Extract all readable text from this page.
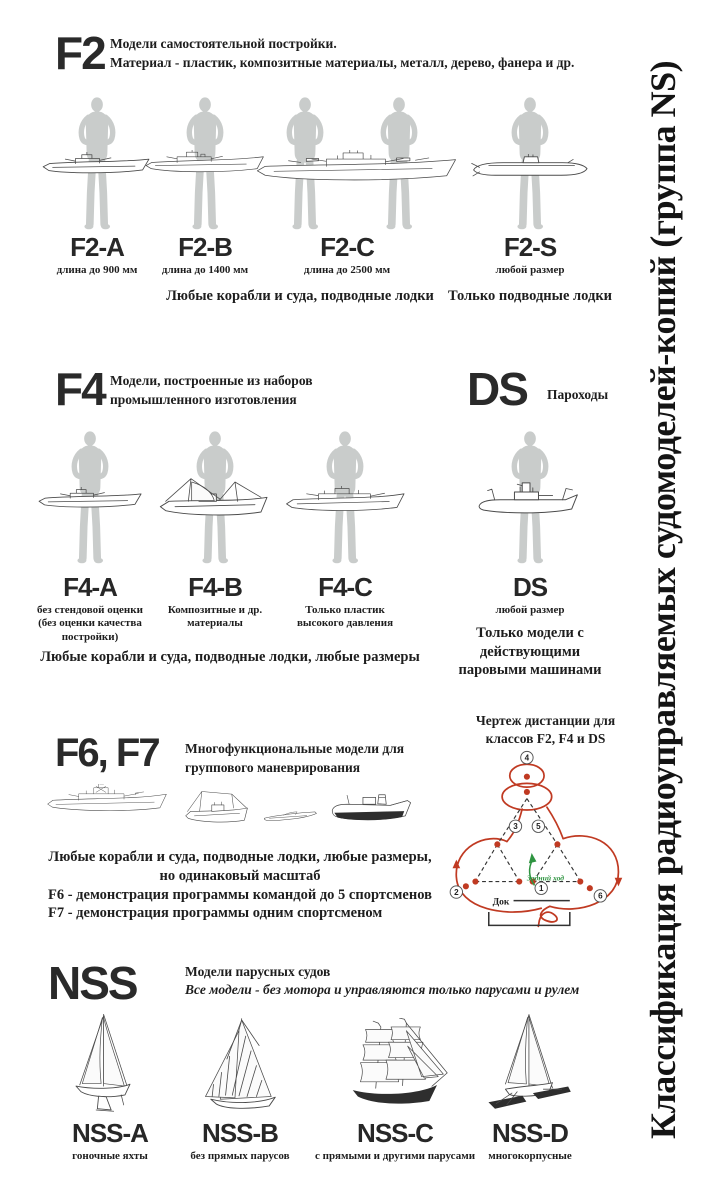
F2 Модели самостоятельной постройки.
Материал - пластик, композитные материалы, металл, дерево, фанера и др.
F2-A
длина до 900 мм
F2-B
длина до 1400 мм
F2-C
длина до 2500 мм
F2-S
любой размер
Любые корабли и суда, подводные лодки Только подводные лодки
F4 Модели, построенные из наборов
промышленного изготовления	DS Пароходы
F4-A
без стендовой оценки
(без оценки качества
постройки)
F4-B
Композитные и др.
материалы
F4-C
Только пластик
высокого давления
DS
любой размер
Только модели с
действующими
паровыми машинами
Любые корабли и суда, подводные лодки, любые размеры
F6, F7 Многофункциональные модели для
группового маневрирования
Любые корабли и суда, подводные лодки, любые размеры,
но одинаковый масштаб
F6 - демонстрация программы командой до 5 спортсменов
F7 - демонстрация программы одним спортсменом
Чертеж дистанции для
классов F2, F4 и DS
4
3 5
2	6
1
Задний ход
Док
NSS	Модели парусных судов
Все модели - без мотора и управляются только парусами и рулем
NSS-A
гоночные яхты
NSS-B
без прямых парусов
NSS-C
с прямыми и другими парусами
NSS-D
многокорпусные
Классификация радиоуправляемых судомоделей-копий (группа NS)
